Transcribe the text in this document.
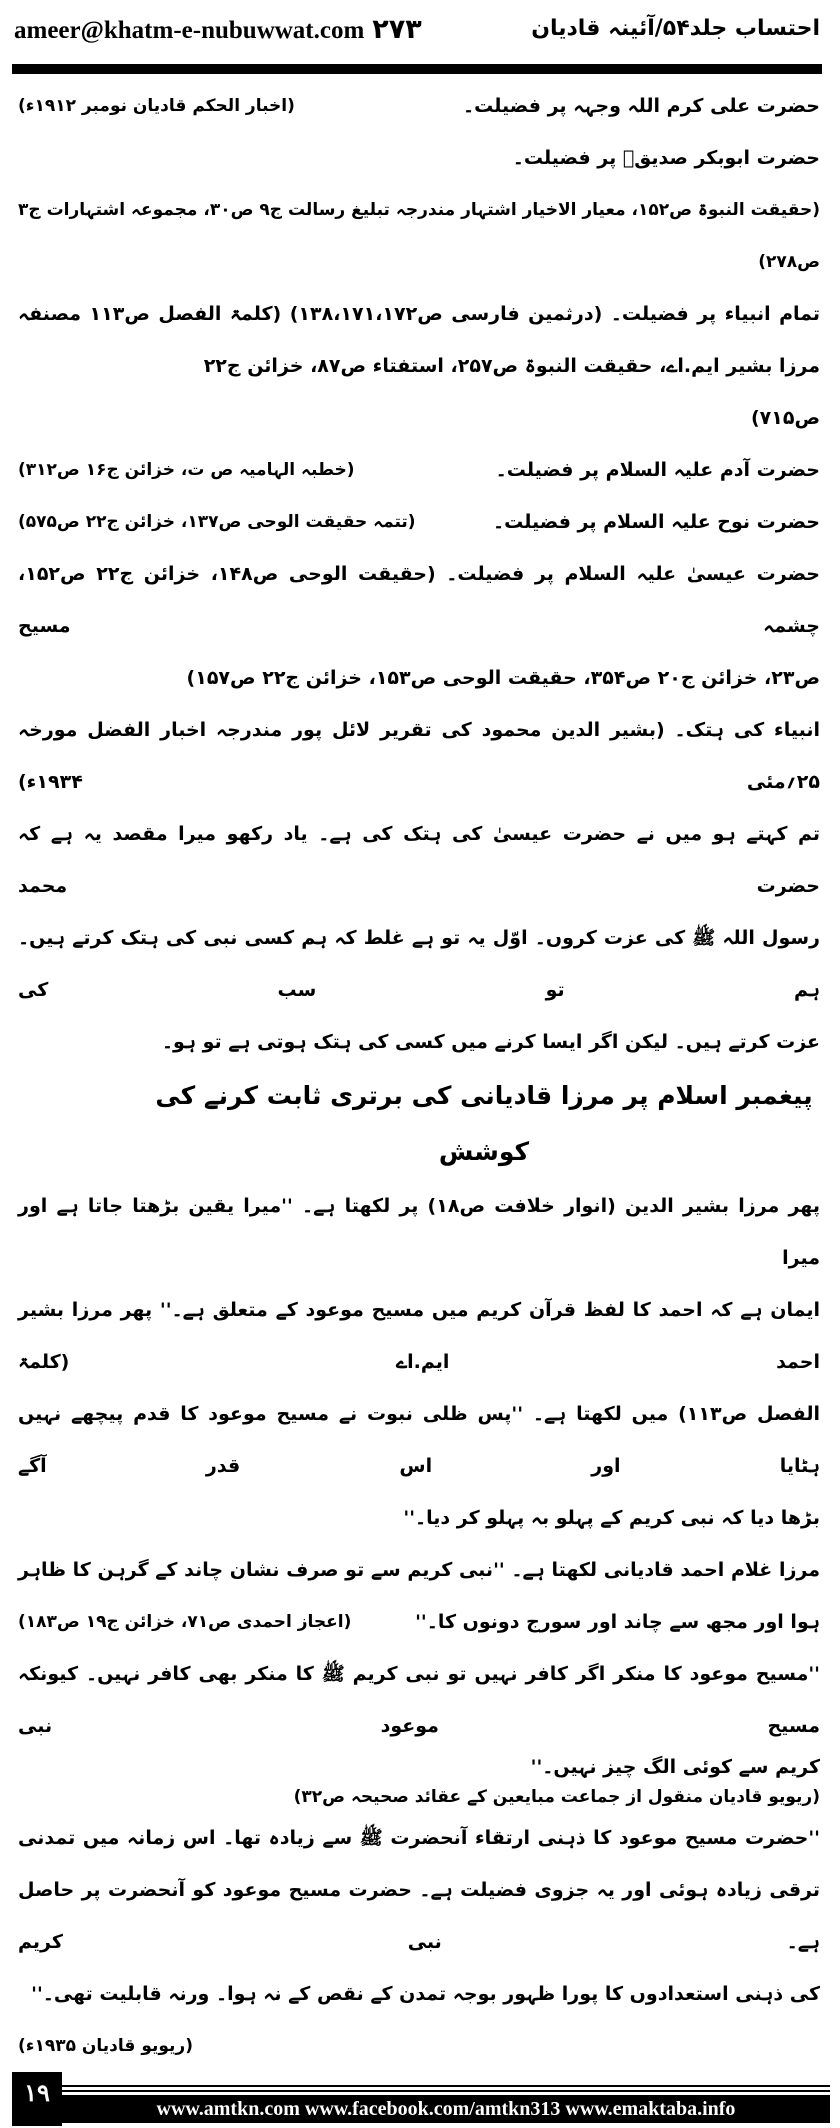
ameer@khatm-e-nubuwwat.com ۲۷۳	احتساب جلد۵۴/آئینہ قادیان
حضرت علی کرم اللہ وجہہ پر فضیلت۔
(اخبار الحکم قادیان نومبر ۱۹۱۲ء)
حضرت ابوبکر صدیقؓ پر فضیلت۔
(حقیقت النبوۃ ص۱۵۲، معیار الاخیار اشتہار مندرجہ تبلیغ رسالت ج۹ ص۳۰، مجموعہ اشتہارات ج۳ ص۲۷۸)
تمام انبیاء پر فضیلت۔ (درثمین فارسی ص۱۳۸،۱۷۱،۱۷۲) (کلمۃ الفصل ص۱۱۳ مصنفہ
مرزا بشیر ایم.اے، حقیقت النبوۃ ص۲۵۷، استفتاء ص۸۷، خزائن ج۲۲ ص۷۱۵)
حضرت آدم علیہ السلام پر فضیلت۔
(خطبہ الہامیہ ص ت، خزائن ج۱۶ ص۳۱۲)
حضرت نوح علیہ السلام پر فضیلت۔
(تتمہ حقیقت الوحی ص۱۳۷، خزائن ج۲۲ ص۵۷۵)
حضرت عیسیٰ علیہ السلام پر فضیلت۔ (حقیقت الوحی ص۱۴۸، خزائن ج۲۲ ص۱۵۲، چشمہ مسیح
ص۲۳، خزائن ج۲۰ ص۳۵۴، حقیقت الوحی ص۱۵۳، خزائن ج۲۲ ص۱۵۷)
انبیاء کی ہتک۔ (بشیر الدین محمود کی تقریر لائل پور مندرجہ اخبار الفضل مورخہ ۲۵؍مئی ۱۹۳۴ء)
تم کہتے ہو میں نے حضرت عیسیٰ کی ہتک کی ہے۔ یاد رکھو میرا مقصد یہ ہے کہ حضرت محمد
رسول اللہ ﷺ کی عزت کروں۔ اوّل یہ تو ہے غلط کہ ہم کسی نبی کی ہتک کرتے ہیں۔ ہم تو سب کی
عزت کرتے ہیں۔ لیکن اگر ایسا کرنے میں کسی کی ہتک ہوتی ہے تو ہو۔
پیغمبر اسلام پر مرزا قادیانی کی برتری ثابت کرنے کی کوشش
پھر مرزا بشیر الدین (انوار خلافت ص۱۸) پر لکھتا ہے۔ ''میرا یقین بڑھتا جاتا ہے اور میرا
ایمان ہے کہ احمد کا لفظ قرآن کریم میں مسیح موعود کے متعلق ہے۔'' پھر مرزا بشیر احمد ایم.اے (کلمۃ
الفصل ص۱۱۳) میں لکھتا ہے۔ ''پس ظلی نبوت نے مسیح موعود کا قدم پیچھے نہیں ہٹایا اور اس قدر آگے
بڑھا دیا کہ نبی کریم کے پہلو بہ پہلو کر دیا۔''
مرزا غلام احمد قادیانی لکھتا ہے۔ ''نبی کریم سے تو صرف نشان چاند کے گرہن کا ظاہر
ہوا اور مجھ سے چاند اور سورج دونوں کا۔''
(اعجاز احمدی ص۷۱، خزائن ج۱۹ ص۱۸۳)
''مسیح موعود کا منکر اگر کافر نہیں تو نبی کریم ﷺ کا منکر بھی کافر نہیں۔ کیونکہ مسیح موعود نبی
کریم سے کوئی الگ چیز نہیں۔''
(ریویو قادیان منقول از جماعت مبایعین کے عقائد صحیحہ ص۳۲)
''حضرت مسیح موعود کا ذہنی ارتقاء آنحضرت ﷺ سے زیادہ تھا۔ اس زمانہ میں تمدنی
ترقی زیادہ ہوئی اور یہ جزوی فضیلت ہے۔ حضرت مسیح موعود کو آنحضرت پر حاصل ہے۔ نبی کریم
کی ذہنی استعدادوں کا پورا ظہور بوجہ تمدن کے نقص کے نہ ہوا۔ ورنہ قابلیت تھی۔''
(ریویو قادیان ۱۹۳۵ء)
۱۹
www.amtkn.com www.facebook.com/amtkn313 www.emaktaba.info
